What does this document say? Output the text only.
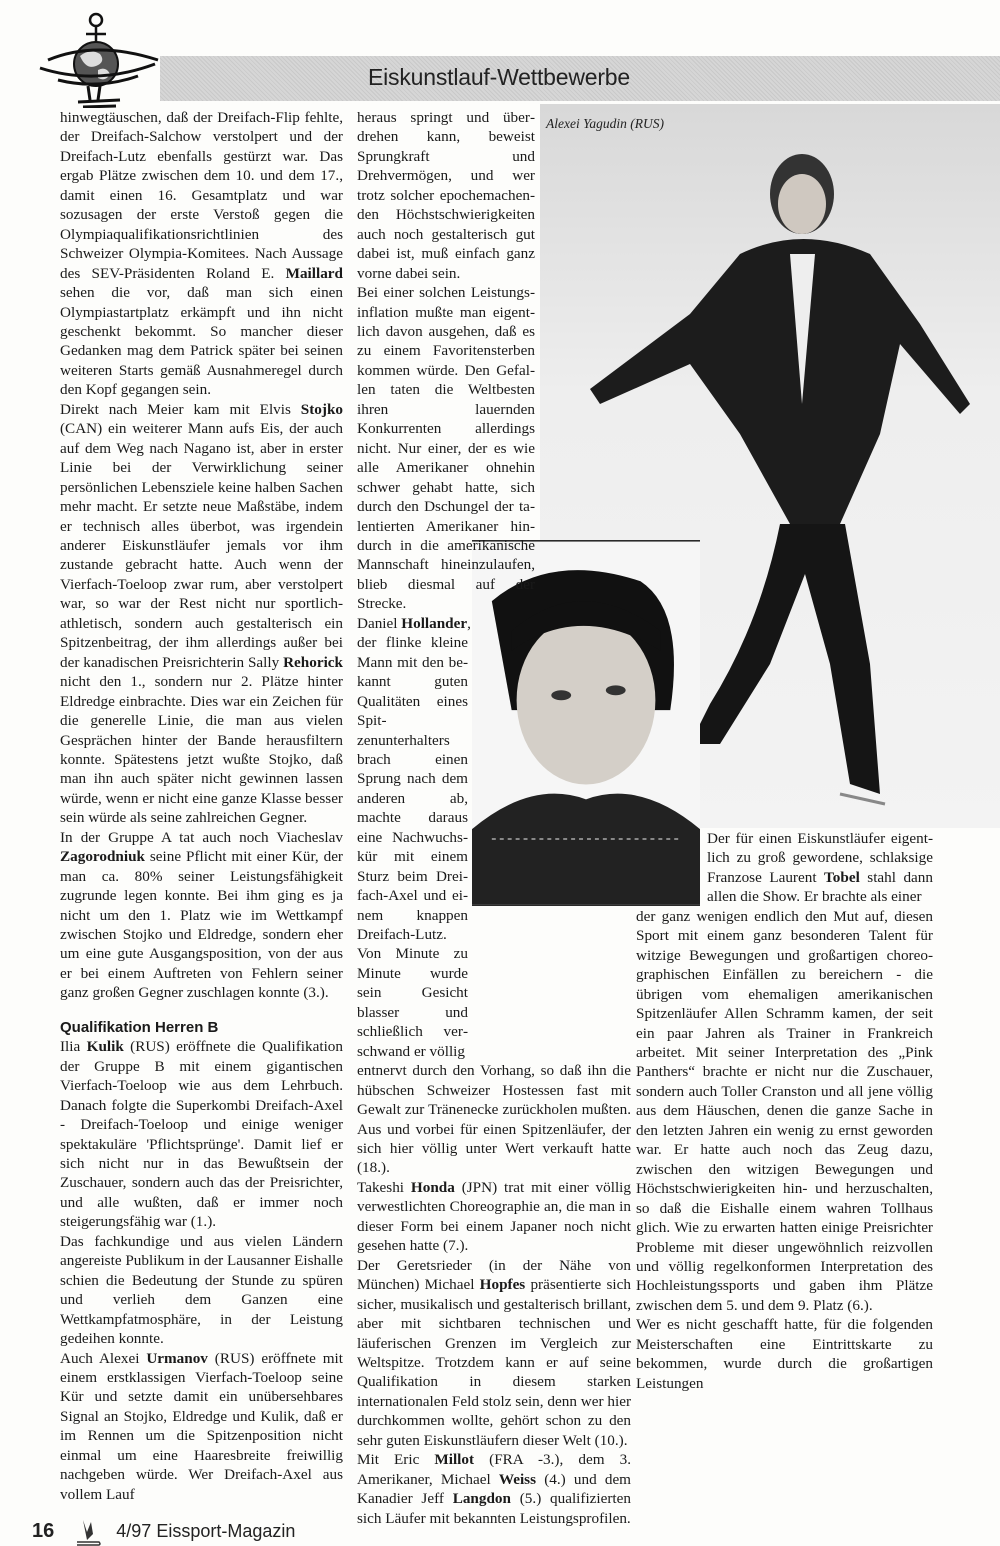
Eiskunstlauf-Wettbewerbe
Alexei Yagudin (RUS)

hinwegtäuschen, daß der Dreifach-Flip fehlte, der Dreifach-Salchow verstolpert und der Dreifach-Lutz ebenfalls gestürzt war. Das ergab Plätze zwischen dem 10. und dem 17., damit einen 16. Gesamtplatz und war sozusagen der erste Verstoß gegen die Olympiaqualifikationsrichtlinien des Schweizer Olympia-Komitees. Nach Aussage des SEV-Präsidenten Roland E. Maillard sehen die vor, daß man sich einen Olympiastartplatz erkämpft und ihn nicht geschenkt bekommt. So mancher dieser Gedanken mag dem Patrick später bei seinen weiteren Starts gemäß Ausnahmeregel durch den Kopf gegangen sein.

Direkt nach Meier kam mit Elvis Stojko (CAN) ein weiterer Mann aufs Eis, der auch auf dem Weg nach Nagano ist, aber in erster Linie bei der Verwirklichung seiner persönlichen Lebensziele keine halben Sachen mehr macht. Er setzte neue Maßstäbe, indem er technisch alles überbot, was irgendein anderer Eiskunstläufer jemals vor ihm zustande gebracht hatte. Auch wenn der Vierfach-Toeloop zwar rum, aber verstolpert war, so war der Rest nicht nur sportlich-athletisch, sondern auch gestalterisch ein Spitzenbeitrag, der ihm allerdings außer bei der kanadischen Preisrichterin Sally Rehorick nicht den 1., sondern nur 2. Plätze hinter Eldredge einbrachte. Dies war ein Zeichen für die generelle Linie, die man aus vielen Gesprächen hinter der Bande herausfiltern konnte. Spätestens jetzt wußte Stojko, daß man ihn auch später nicht gewinnen lassen würde, wenn er nicht eine ganze Klasse besser sein würde als seine zahlreichen Gegner.

In der Gruppe A tat auch noch Viacheslav Zagorodniuk seine Pflicht mit einer Kür, der man ca. 80% seiner Leistungsfähigkeit zugrunde legen konnte. Bei ihm ging es ja nicht um den 1. Platz wie im Wettkampf zwischen Stojko und Eldredge, sondern eher um eine gute Ausgangsposition, von der aus er bei einem Auftreten von Fehlern seiner ganz großen Gegner zuschlagen konnte (3.).

Qualifikation Herren B

Ilia Kulik (RUS) eröffnete die Qualifikation der Gruppe B mit einem gigantischen Vierfach-Toeloop wie aus dem Lehrbuch. Danach folgte die Superkombi Dreifach-Axel - Dreifach-Toeloop und einige weniger spektakuläre 'Pflichtsprünge'. Damit lief er sich nicht nur in das Bewußtsein der Zuschauer, sondern auch das der Preisrichter, und alle wußten, daß er immer noch steigerungsfähig war (1.).

Das fachkundige und aus vielen Ländern angereiste Publikum in der Lausanner Eishalle schien die Bedeutung der Stunde zu spüren und verlieh dem Ganzen eine Wettkampfatmosphäre, in der Leistung gedeihen konnte.

Auch Alexei Urmanov (RUS) eröffnete mit einem erstklassigen Vierfach-Toeloop seine Kür und setzte damit ein unübersehbares Signal an Stojko, Eldredge und Kulik, daß er im Rennen um die Spitzenposition nicht einmal um eine Haaresbreite freiwillig nachgeben würde. Wer Dreifach-Axel aus vollem Lauf

16	4/97 Eissport-Magazin

heraus springt und überdrehen kann, beweist Sprungkraft und Drehvermögen, und wer trotz solcher epochemachenden Höchstschwierigkeiten auch noch gestalterisch gut dabei ist, muß einfach ganz vorne dabei sein.

Bei einer solchen Leistungsinflation mußte man eigentlich davon ausgehen, daß es zu einem Favoritensterben kommen würde. Den Gefallen taten die Weltbesten ihren lauernden Konkurrenten allerdings nicht. Nur einer, der es wie alle Amerikaner ohnehin schwer gehabt hatte, sich durch den Dschungel der talentierten Amerikaner hindurch in die amerikanische Mannschaft hineinzulaufen, blieb diesmal auf der Strecke.

Daniel Hollander,

der flinke kleine Mann mit den bekannt guten Qualitäten eines Spitzenunterhalters brach einen Sprung nach dem anderen ab, machte daraus eine Nachwuchskür mit einem Sturz beim Dreifach-Axel und einem knappen Dreifach-Lutz. Von Minute zu Minute wurde sein Gesicht blasser und schließlich verschwand er völlig

entnervt durch den Vorhang, so daß ihn die hübschen Schweizer Hostessen fast mit Gewalt zur Tränenecke zurückholen mußten. Aus und vorbei für einen Spitzenläufer, der sich hier völlig unter Wert verkauft hatte (18.).

Takeshi Honda (JPN) trat mit einer völlig verwestlichten Choreographie an, die man in dieser Form bei einem Japaner noch nicht gesehen hatte (7.).

Der Geretsrieder (in der Nähe von München) Michael Hopfes präsentierte sich sicher, musikalisch und gestalterisch brillant, aber mit sichtbaren technischen und läuferischen Grenzen im Vergleich zur Weltspitze. Trotzdem kann er auf seine Qualifikation in diesem starken internationalen Feld stolz sein, denn wer hier durchkommen wollte, gehört schon zu den sehr guten Eiskunstläufern dieser Welt (10.).

Mit Eric Millot (FRA -3.), dem 3. Amerikaner, Michael Weiss (4.) und dem Kanadier Jeff Langdon (5.) qualifizierten sich Läufer mit bekannten Leistungsprofilen.

Der für einen Eiskunstläufer eigentlich zu groß gewordene, schlaksige Franzose Laurent Tobel stahl dann allen die Show. Er brachte als einer

der ganz wenigen endlich den Mut auf, diesen Sport mit einem ganz besonderen Talent für witzige Bewegungen und großartigen choreographischen Einfällen zu bereichern - die übrigen vom ehemaligen amerikanischen Spitzenläufer Allen Schramm kamen, der seit ein paar Jahren als Trainer in Frankreich arbeitet. Mit seiner Interpretation des „Pink Panthers“ brachte er nicht nur die Zuschauer, sondern auch Toller Cranston und all jene völlig aus dem Häuschen, denen die ganze Sache in den letzten Jahren ein wenig zu ernst geworden war. Er hatte auch noch das Zeug dazu, zwischen den witzigen Bewegungen und Höchstschwierigkeiten hin- und herzuschalten, so daß die Eishalle einem wahren Tollhaus glich. Wie zu erwarten hatten einige Preisrichter Probleme mit dieser ungewöhnlich reizvollen und völlig regelkonformen Interpretation des Hochleistungssports und gaben ihm Plätze zwischen dem 5. und dem 9. Platz (6.).

Wer es nicht geschafft hatte, für die folgenden Meisterschaften eine Eintrittskarte zu bekommen, wurde durch die großartigen Leistungen
